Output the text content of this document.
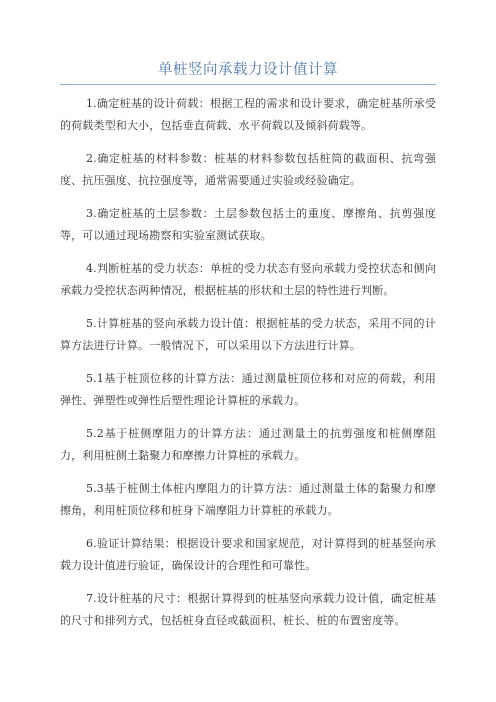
单桩竖向承载力设计值计算

1.确定桩基的设计荷载：根据工程的需求和设计要求，确定桩基所承受的荷载类型和大小，包括垂直荷载、水平荷载以及倾斜荷载等。

2.确定桩基的材料参数：桩基的材料参数包括桩筒的截面积、抗弯强度、抗压强度、抗拉强度等，通常需要通过实验或经验确定。

3.确定桩基的土层参数：土层参数包括土的重度、摩擦角、抗剪强度等，可以通过现场勘察和实验室测试获取。

4.判断桩基的受力状态：单桩的受力状态有竖向承载力受控状态和侧向承载力受控状态两种情况，根据桩基的形状和土层的特性进行判断。

5.计算桩基的竖向承载力设计值：根据桩基的受力状态，采用不同的计算方法进行计算。一般情况下，可以采用以下方法进行计算。

5.1基于桩顶位移的计算方法：通过测量桩顶位移和对应的荷载，利用弹性、弹塑性或弹性后塑性理论计算桩的承载力。

5.2基于桩侧摩阻力的计算方法：通过测量土的抗剪强度和桩侧摩阻力，利用桩侧土黏聚力和摩擦力计算桩的承载力。

5.3基于桩侧土体桩内摩阻力的计算方法：通过测量土体的黏聚力和摩擦角，利用桩顶位移和桩身下端摩阻力计算桩的承载力。

6.验证计算结果：根据设计要求和国家规范，对计算得到的桩基竖向承载力设计值进行验证，确保设计的合理性和可靠性。

7.设计桩基的尺寸：根据计算得到的桩基竖向承载力设计值，确定桩基的尺寸和排列方式，包括桩身直径或截面积、桩长、桩的布置密度等。
